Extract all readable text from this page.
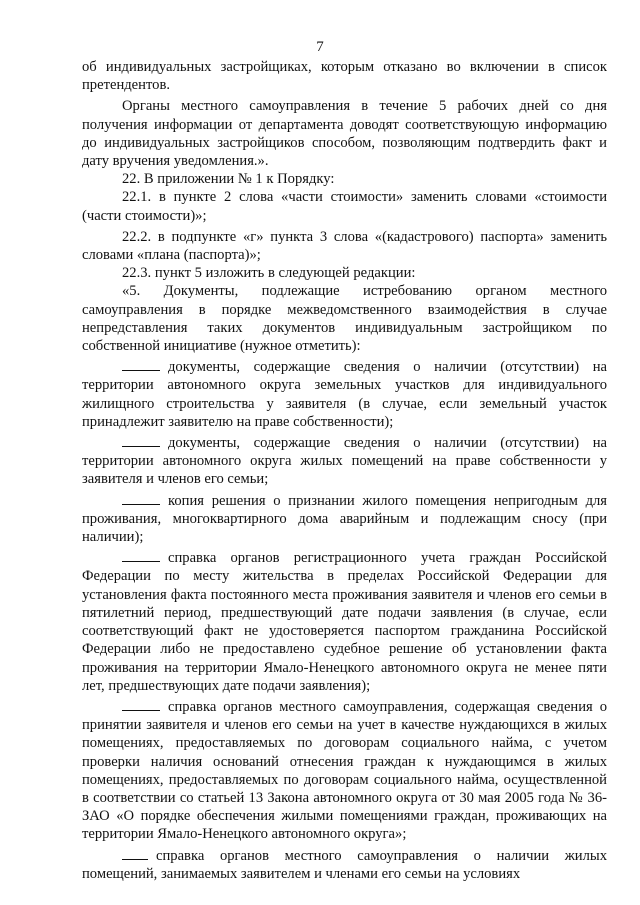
7

об индивидуальных застройщиках, которым отказано во включении в список претендентов.

Органы местного самоуправления в течение 5 рабочих дней со дня получения информации от департамента доводят соответствующую информацию до индивидуальных застройщиков способом, позволяющим подтвердить факт и дату вручения уведомления.».

22. В приложении № 1 к Порядку:

22.1. в пункте 2 слова «части стоимости» заменить словами «стоимости (части стоимости)»;

22.2. в подпункте «г» пункта 3 слова «(кадастрового) паспорта» заменить словами «плана (паспорта)»;

22.3. пункт 5 изложить в следующей редакции:

«5. Документы, подлежащие истребованию органом местного самоуправления в порядке межведомственного взаимодействия в случае непредставления таких документов индивидуальным застройщиком по собственной инициативе (нужное отметить):

документы, содержащие сведения о наличии (отсутствии) на территории автономного округа земельных участков для индивидуального жилищного строительства у заявителя (в случае, если земельный участок принадлежит заявителю на праве собственности);

документы, содержащие сведения о наличии (отсутствии) на территории автономного округа жилых помещений на праве собственности у заявителя и членов его семьи;

копия решения о признании жилого помещения непригодным для проживания, многоквартирного дома аварийным и подлежащим сносу (при наличии);

справка органов регистрационного учета граждан Российской Федерации по месту жительства в пределах Российской Федерации для установления факта постоянного места проживания заявителя и членов его семьи в пятилетний период, предшествующий дате подачи заявления (в случае, если соответствующий факт не удостоверяется паспортом гражданина Российской Федерации либо не предоставлено судебное решение об установлении факта проживания на территории Ямало-Ненецкого автономного округа не менее пяти лет, предшествующих дате подачи заявления);

справка органов местного самоуправления, содержащая сведения о принятии заявителя и членов его семьи на учет в качестве нуждающихся в жилых помещениях, предоставляемых по договорам социального найма, с учетом проверки наличия оснований отнесения граждан к нуждающимся в жилых помещениях, предоставляемых по договорам социального найма, осуществленной в соответствии со статьей 13 Закона автономного округа от 30 мая 2005 года № 36-ЗАО «О порядке обеспечения жилыми помещениями граждан, проживающих на территории Ямало-Ненецкого автономного округа»;

справка органов местного самоуправления о наличии жилых помещений, занимаемых заявителем и членами его семьи на условиях
